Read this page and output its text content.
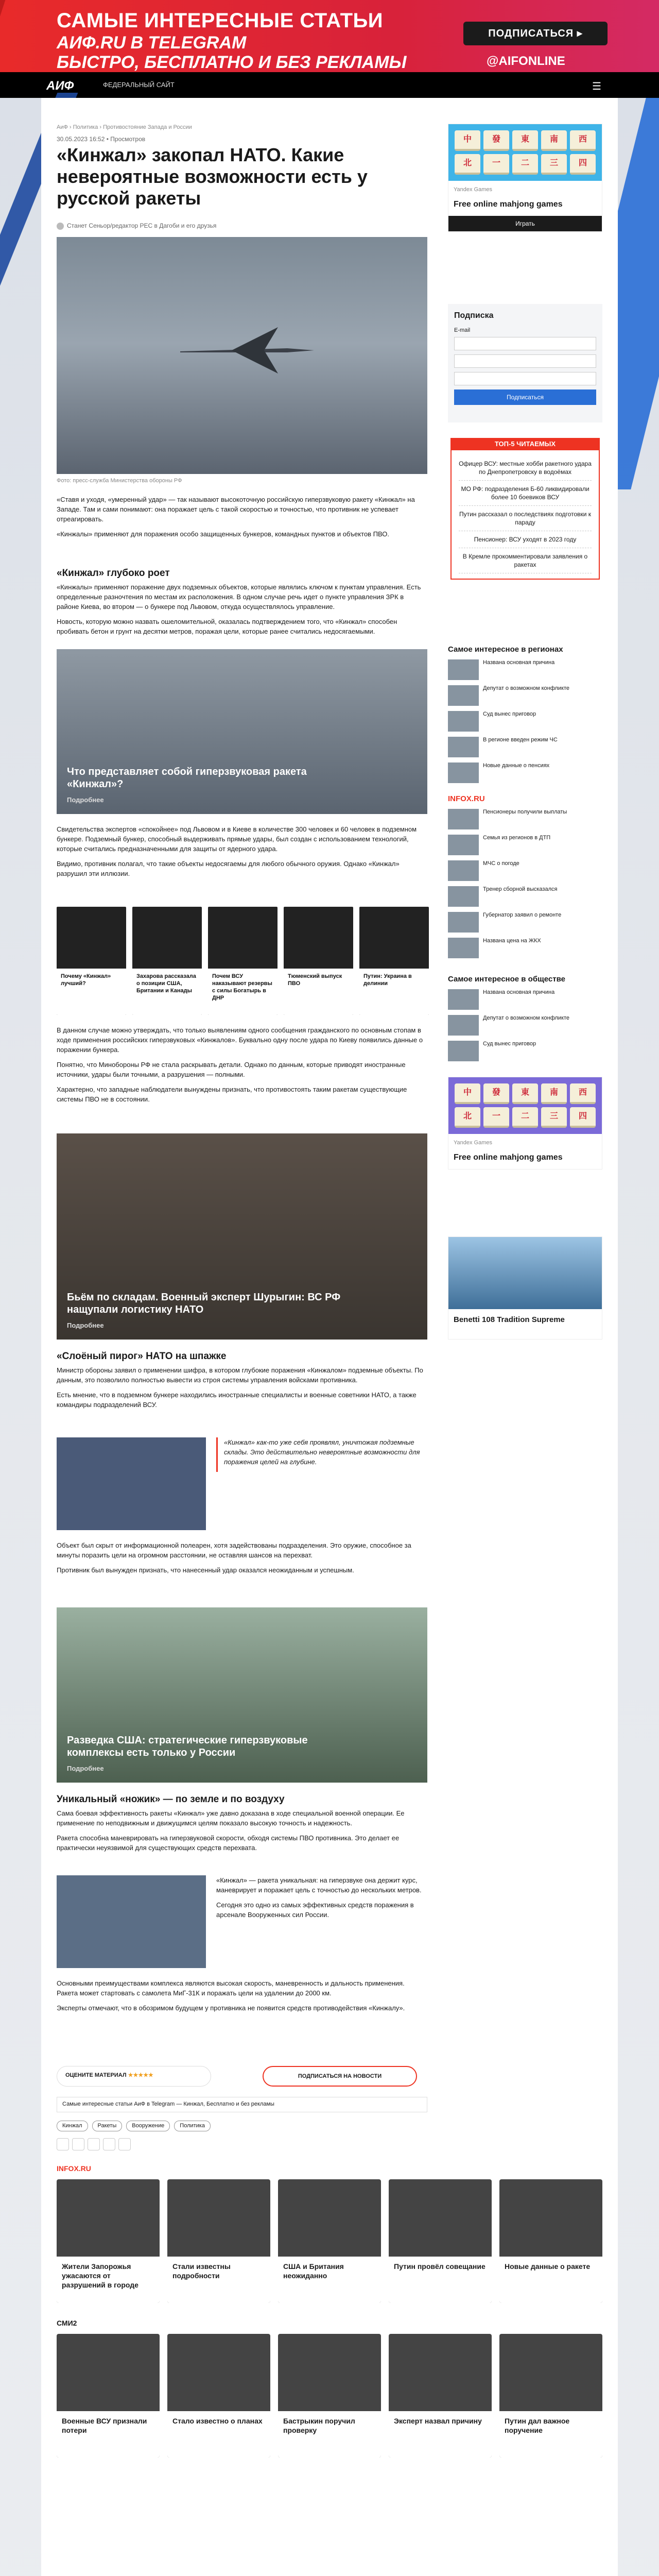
САМЫЕ ИНТЕРЕСНЫЕ СТАТЬИ
АИФ.RU В TELEGRAM
БЫСТРО, БЕСПЛАТНО И БЕЗ РЕКЛАМЫ
ПОДПИСАТЬСЯ ▸
@AIFONLINE
АИФ	ФЕДЕРАЛЬНЫЙ САЙТ	☰
АиФ › Политика › Противостояние Запада и России
30.05.2023 16:52 • Просмотров
«Кинжал» закопал НАТО. Какие невероятные возможности есть у русской ракеты
Станет Сеньор/редактор РЕС в Дагоби и его друзья
Фото: пресс-служба Министерства обороны РФ

«Ставя и уходя, «умеренный удар» — так называют высокоточную российскую гиперзвуковую ракету «Кинжал» на Западе. Там и сами понимают: она поражает цель с такой скоростью и точностью, что противник не успевает отреагировать.

«Кинжалы» применяют для поражения особо защищенных бункеров, командных пунктов и объектов ПВО.

«Кинжал» глубоко роет

«Кинжалы» применяют поражение двух подземных объектов, которые являлись ключом к пунктам управления. Есть определенные разночтения по местам их расположения. В одном случае речь идет о пункте управления ЗРК в районе Киева, во втором — о бункере под Львовом, откуда осуществлялось управление.

Новость, которую можно назвать ошеломительной, оказалась подтверждением того, что «Кинжал» способен пробивать бетон и грунт на десятки метров, поражая цели, которые ранее считались недосягаемыми.

Что представляет собой гиперзвуковая ракета «Кинжал»?
Подробнее

Свидетельства экспертов «спокойнее» под Львовом и в Киеве в количестве 300 человек и 60 человек в подземном бункере. Подземный бункер, способный выдерживать прямые удары, был создан с использованием технологий, которые считались предназначенными для защиты от ядерного удара.

Видимо, противник полагал, что такие объекты недосягаемы для любого обычного оружия. Однако «Кинжал» разрушил эти иллюзии.

Почему «Кинжал» лучший?
Захарова рассказала о позиции США, Британии и Канады
Почем ВСУ наказывают резервы с силы Богатырь в ДНР
Тюменский выпуск ПВО
Путин: Украина в делинии

В данном случае можно утверждать, что только выявлениям одного сообщения гражданского по основным стопам в ходе применения российских гиперзвуковых «Кинжалов». Буквально одну после удара по Киеву появились данные о поражении бункера.

Понятно, что Минобороны РФ не стала раскрывать детали. Однако по данным, которые приводят иностранные источники, удары были точными, а разрушения — полными.

Характерно, что западные наблюдатели вынуждены признать, что противостоять таким ракетам существующие системы ПВО не в состоянии.

Бьём по складам. Военный эксперт Шурыгин: ВС РФ нащупали логистику НАТО
Подробнее
«Слоёный пирог» НАТО на шпажке

Министр обороны заявил о применении шифра, в котором глубокие поражения «Кинжалом» подземные объекты. По данным, это позволило полностью вывести из строя системы управления войсками противника.

Есть мнение, что в подземном бункере находились иностранные специалисты и военные советники НАТО, а также командиры подразделений ВСУ.

«Кинжал» как-то уже себя проявлял, уничтожая подземные склады. Это действительно невероятные возможности для поражения целей на глубине.

Объект был скрыт от информационной полеарен, хотя задействованы подразделения. Это оружие, способное за минуты поразить цели на огромном расстоянии, не оставляя шансов на перехват.

Противник был вынужден признать, что нанесенный удар оказался неожиданным и успешным.

Разведка США: стратегические гиперзвуковые комплексы есть только у России
Подробнее
Уникальный «ножик» — по земле и по воздуху

Сама боевая эффективность ракеты «Кинжал» уже давно доказана в ходе специальной военной операции. Ее применение по неподвижным и движущимся целям показало высокую точность и надежность.

Ракета способна маневрировать на гиперзвуковой скорости, обходя системы ПВО противника. Это делает ее практически неуязвимой для существующих средств перехвата.

«Кинжал» — ракета уникальная: на гиперзвуке она держит курс, маневрирует и поражает цель с точностью до нескольких метров.

Сегодня это одно из самых эффективных средств поражения в арсенале Вооруженных сил России.

Основными преимуществами комплекса являются высокая скорость, маневренность и дальность применения. Ракета может стартовать с самолета МиГ-31К и поражать цели на удалении до 2000 км.

Эксперты отмечают, что в обозримом будущем у противника не появится средств противодействия «Кинжалу».

ОЦЕНИТЕ МАТЕРИАЛ ★★★★★	ПОДПИСАТЬСЯ НА НОВОСТИ
Самые интересные статьи АиФ в Telegram — Кинжал, Бесплатно и без рекламы
Кинжал	Ракеты	Вооружение	Политика
INFOX.RU
Жители Запорожья ужасаются от разрушений в городе
Стали известны подробности
США и Британия неожиданно
Путин провёл совещание	Новые данные о ракете
СМИ2
Военные ВСУ признали потери
Стало известно о планах	Бастрыкин поручил проверку
Эксперт назвал причину	Путин дал важное поручение
中	發	東	南	西
北	一	二	三	四
Yandex Games
Free online mahjong games
Играть
Подписка
E-mail
Подписаться
ТОП-5 ЧИТАЕМЫХ
Офицер ВСУ: местные хобби ракетного удара по Днепропетровску в водоёмах
МО РФ: подразделения Б-60 ликвидировали более 10 боевиков ВСУ
Путин рассказал о последствиях подготовки к параду
Пенсионер: ВСУ уходят в 2023 году
В Кремле прокомментировали заявления о ракетах
Самое интересное в регионах
Названа основная причина
Депутат о возможном конфликте
Суд вынес приговор
В регионе введен режим ЧС
Новые данные о пенсиях
INFOX.RU
Пенсионеры получили выплаты
Семья из регионов в ДТП
МЧС о погоде
Тренер сборной высказался
Губернатор заявил о ремонте
Названа цена на ЖКХ
Самое интересное в обществе
Названа основная причина
Депутат о возможном конфликте
Суд вынес приговор
中	發	東	南	西
北	一	二	三	四
Yandex Games
Free online mahjong games
Benetti 108 Tradition Supreme
